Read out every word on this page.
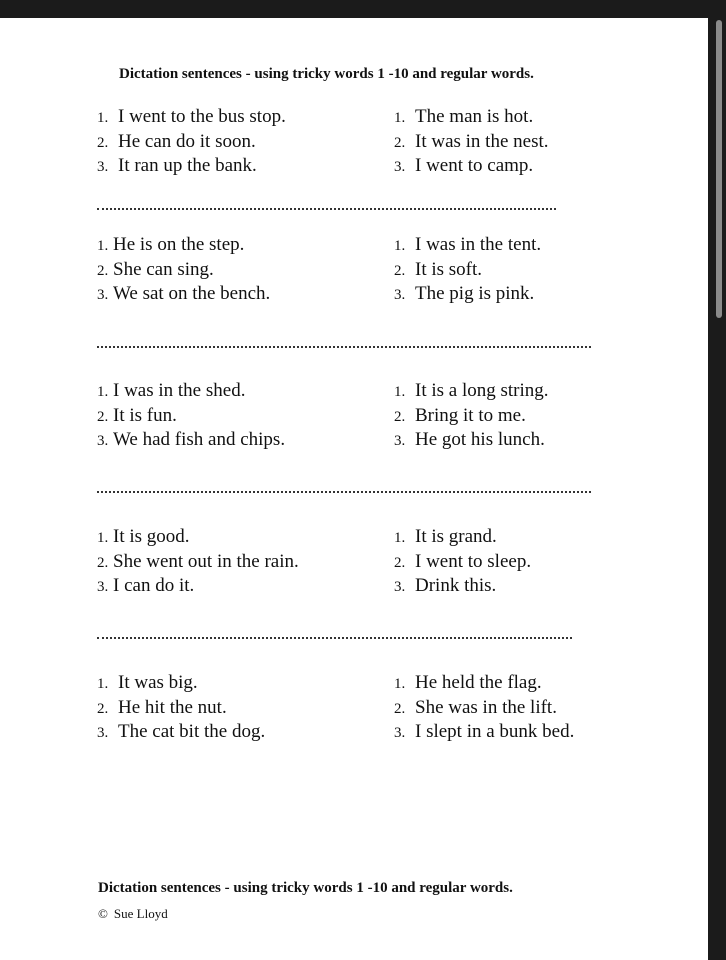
Dictation sentences - using tricky words 1 -10 and regular words.
1. I went to the bus stop.
2. He can do it soon.
3. It ran up the bank.
1. The man is hot.
2. It was in the nest.
3. I went to camp.
1. He is on the step.
2. She can sing.
3. We sat on the bench.
1. I was in the tent.
2. It is soft.
3. The pig is pink.
1. I was in the shed.
2. It is fun.
3. We had fish and chips.
1. It is a long string.
2. Bring it to me.
3. He got his lunch.
1. It is good.
2. She went out in the rain.
3. I can do it.
1. It is grand.
2. I went to sleep.
3. Drink this.
1. It was big.
2. He hit the nut.
3. The cat bit the dog.
1. He held the flag.
2. She was in the lift.
3. I slept in a bunk bed.
Dictation sentences - using tricky words 1 -10 and regular words.
© Sue Lloyd
